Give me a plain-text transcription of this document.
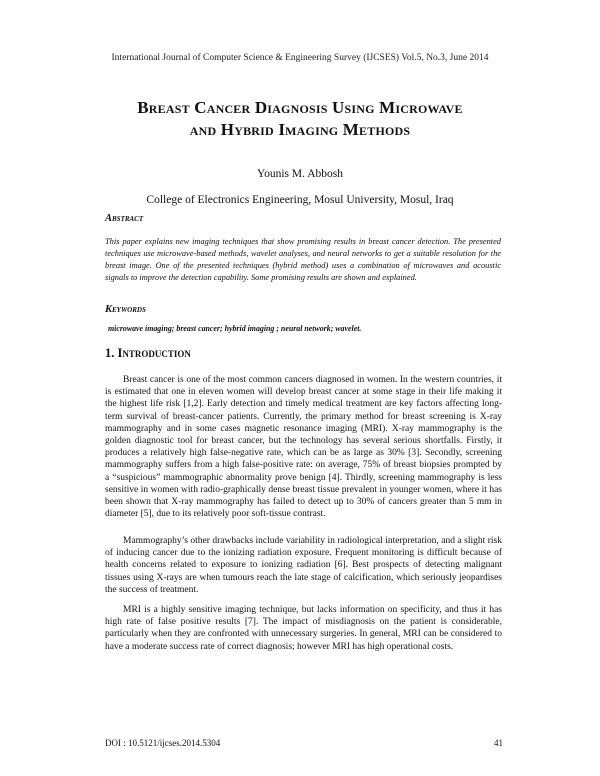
International Journal of Computer Science & Engineering Survey (IJCSES) Vol.5, No.3, June 2014
Breast Cancer Diagnosis Using Microwave
and Hybrid Imaging Methods
Younis M. Abbosh
College of Electronics Engineering, Mosul University, Mosul, Iraq
Abstract
This paper explains new imaging techniques that show promising results in breast cancer detection. The presented techniques use microwave-based methods, wavelet analyses, and neural networks to get a suitable resolution for the breast image. One of the presented techniques (hybrid method) uses a combination of microwaves and acoustic signals to improve the detection capability. Some promising results are shown and explained.
Keywords
microwave imaging; breast cancer; hybrid imaging ; neural network; wavelet.
1. Introduction
Breast cancer is one of the most common cancers diagnosed in women. In the western countries, it is estimated that one in eleven women will develop breast cancer at some stage in their life making it the highest life risk [1,2]. Early detection and timely medical treatment are key factors affecting long-term survival of breast-cancer patients. Currently, the primary method for breast screening is X-ray mammography and in some cases magnetic resonance imaging (MRI). X-ray mammography is the golden diagnostic tool for breast cancer, but the technology has several serious shortfalls. Firstly, it produces a relatively high false-negative rate, which can be as large as 30% [3]. Secondly, screening mammography suffers from a high false-positive rate: on average, 75% of breast biopsies prompted by a “suspicious” mammographic abnormality prove benign [4]. Thirdly, screening mammography is less sensitive in women with radio-graphically dense breast tissue prevalent in younger women, where it has been shown that X-ray mammography has failed to detect up to 30% of cancers greater than 5 mm in diameter [5], due to its relatively poor soft-tissue contrast.
Mammography’s other drawbacks include variability in radiological interpretation, and a slight risk of inducing cancer due to the ionizing radiation exposure. Frequent monitoring is difficult because of health concerns related to exposure to ionizing radiation [6]. Best prospects of detecting malignant tissues using X-rays are when tumours reach the late stage of calcification, which seriously jeopardises the success of treatment.
MRI is a highly sensitive imaging technique, but lacks information on specificity, and thus it has high rate of false positive results [7]. The impact of misdiagnosis on the patient is considerable, particularly when they are confronted with unnecessary surgeries. In general, MRI can be considered to have a moderate success rate of correct diagnosis; however MRI has high operational costs.
DOI : 10.5121/ijcses.2014.5304	41
